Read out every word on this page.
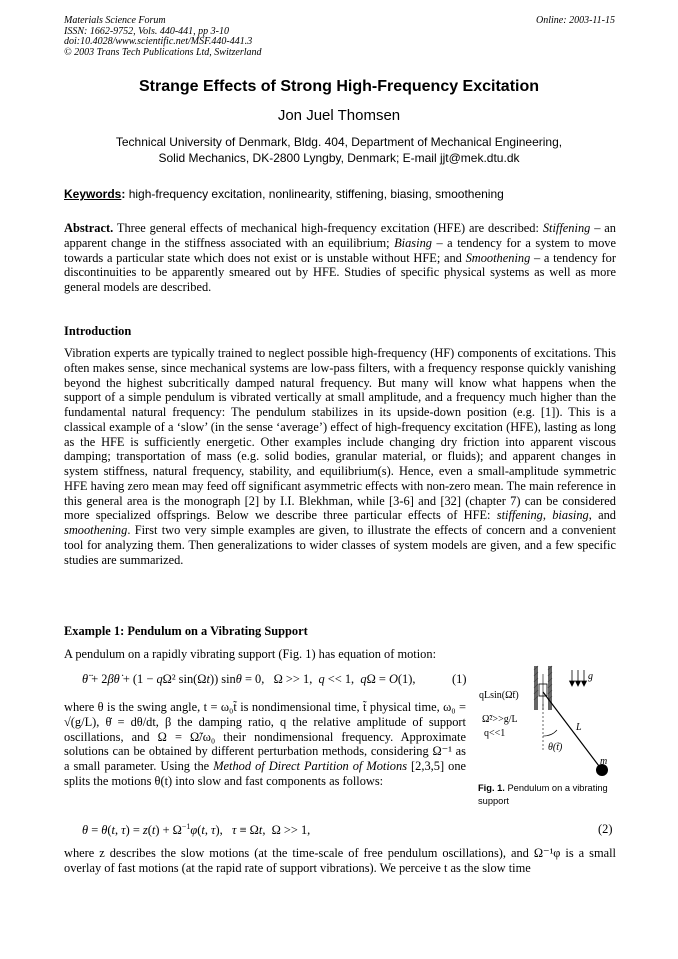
Materials Science Forum
ISSN: 1662-9752, Vols. 440-441, pp 3-10
doi:10.4028/www.scientific.net/MSF.440-441.3
© 2003 Trans Tech Publications Ltd, Switzerland
Online: 2003-11-15
Strange Effects of Strong High-Frequency Excitation
Jon Juel Thomsen
Technical University of Denmark, Bldg. 404, Department of Mechanical Engineering,
Solid Mechanics, DK-2800 Lyngby, Denmark; E-mail jjt@mek.dtu.dk
Keywords: high-frequency excitation, nonlinearity, stiffening, biasing, smoothening
Abstract. Three general effects of mechanical high-frequency excitation (HFE) are described: Stiffening – an apparent change in the stiffness associated with an equilibrium; Biasing – a tendency for a system to move towards a particular state which does not exist or is unstable without HFE; and Smoothening – a tendency for discontinuities to be apparently smeared out by HFE. Studies of specific physical systems as well as more general models are described.
Introduction
Vibration experts are typically trained to neglect possible high-frequency (HF) components of excitations. This often makes sense, since mechanical systems are low-pass filters, with a frequency response quickly vanishing beyond the highest subcritically damped natural frequency. But many will know what happens when the support of a simple pendulum is vibrated vertically at small amplitude, and a frequency much higher than the fundamental natural frequency: The pendulum stabilizes in its upside-down position (e.g. [1]). This is a classical example of a ‘slow’ (in the sense ‘average’) effect of high-frequency excitation (HFE), lasting as long as the HFE is sufficiently energetic. Other examples include changing dry friction into apparent viscous damping; transportation of mass (e.g. solid bodies, granular material, or fluids); and apparent changes in system stiffness, natural frequency, stability, and equilibrium(s). Hence, even a small-amplitude symmetric HFE having zero mean may feed off significant asymmetric effects with non-zero mean. The main reference in this general area is the monograph [2] by I.I. Blekhman, while [3-6] and [32] (chapter 7) can be considered more specialized offsprings. Below we describe three particular effects of HFE: stiffening, biasing, and smoothening. First two very simple examples are given, to illustrate the effects of concern and a convenient tool for analyzing them. Then generalizations to wider classes of system models are given, and a few specific studies are summarized.
Example 1: Pendulum on a Vibrating Support
A pendulum on a rapidly vibrating support (Fig. 1) has equation of motion:
θ̈ + 2βθ̇ + (1 − qΩ² sin(Ωt)) sinθ = 0,   Ω >> 1,  q << 1,  qΩ = O(1),	(1)
where θ is the swing angle, t = ω₀t̃ is nondimensional time, t̃ physical time, ω₀ = √(g/L), θ̇ = dθ/dt, β the damping ratio, q the relative amplitude of support oscillations, and Ω = Ω̃/ω₀ their nondimensional frequency. Approximate solutions can be obtained by different perturbation methods, considering Ω⁻¹ as a small parameter. Using the Method of Direct Partition of Motions [2,3,5] one splits the motions θ(t) into slow and fast components as follows:
g
qLsin(Ω̃t)
Ω̃²>>g/L
q<<1
L
θ(t̃)
m
Fig. 1. Pendulum on a vibrating support
θ = θ(t, $\tau) = z(t) + \Omega^{-1}\varphi(t$, τ),   τ ≡ Ωt,  Ω >> 1,	(2)
where z describes the slow motions (at the time-scale of free pendulum oscillations), and Ω⁻¹φ is a small overlay of fast motions (at the rapid rate of support vibrations). We perceive t as the slow time
